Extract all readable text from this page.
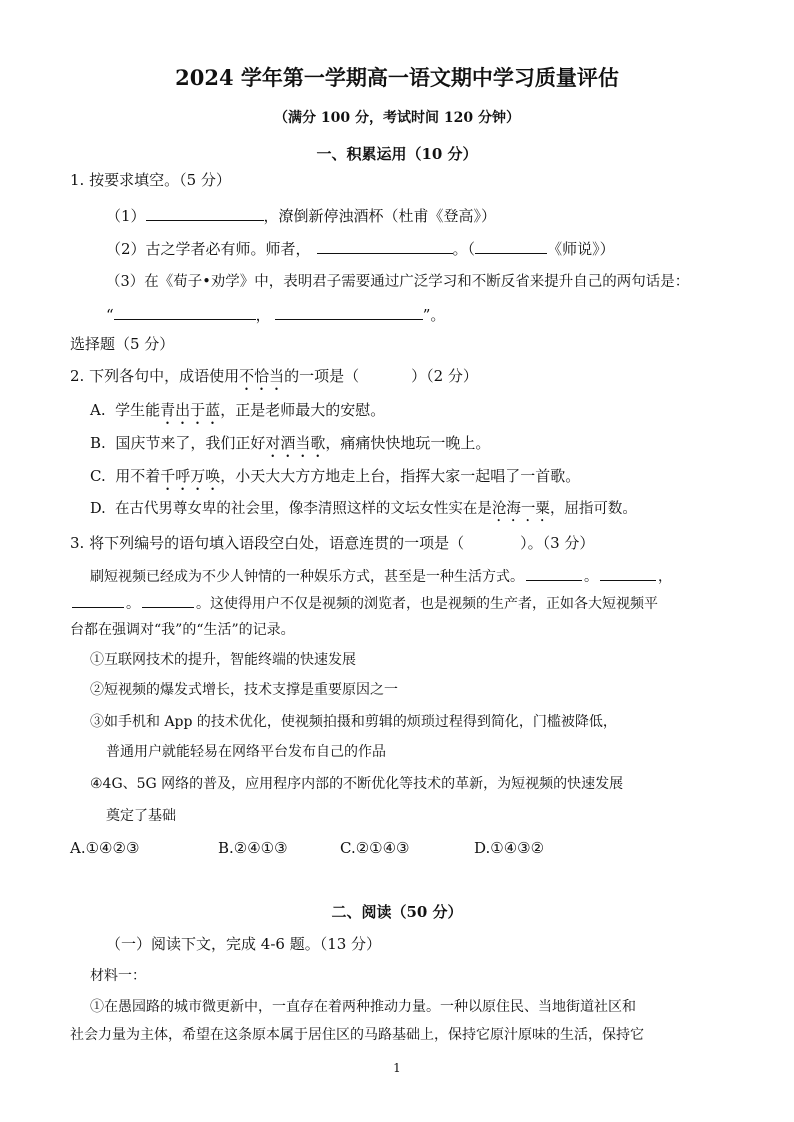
2024 学年第一学期高一语文期中学习质量评估
（满分 100 分，考试时间 120 分钟）
一、积累运用（10 分）
1. 按要求填空。（5 分）
（1）	，潦倒新停浊酒杯（杜甫《登高》）
（2）古之学者必有师。师者，	。（	《师说》）
（3）在《荀子•劝学》中，表明君子需要通过广泛学习和不断反省来提升自己的两句话是：
“	，	”。
选择题（5 分）
2. 下列各句中，成语使用不恰当的一项是（	）（2 分）
A. 学生能青出于蓝，正是老师最大的安慰。
B. 国庆节来了，我们正好对酒当歌，痛痛快快地玩一晚上。
C. 用不着千呼万唤，小天大大方方地走上台，指挥大家一起唱了一首歌。
D. 在古代男尊女卑的社会里，像李清照这样的文坛女性实在是沧海一粟，屈指可数。
3. 将下列编号的语句填入语段空白处，语意连贯的一项是（	）。（3 分）
刷短视频已经成为不少人钟情的一种娱乐方式，甚至是一种生活方式。	。	，
。	。这使得用户不仅是视频的浏览者，也是视频的生产者，正如各大短视频平
台都在强调对“我”的“生活”的记录。
①互联网技术的提升，智能终端的快速发展
②短视频的爆发式增长，技术支撑是重要原因之一
③如手机和 App 的技术优化，使视频拍摄和剪辑的烦琐过程得到简化，门槛被降低，
普通用户就能轻易在网络平台发布自己的作品
④4G、5G 网络的普及，应用程序内部的不断优化等技术的革新，为短视频的快速发展
奠定了基础
A.①④②③	B.②④①③	C.②①④③	D.①④③②
二、阅读（50 分）
（一）阅读下文，完成 4-6 题。（13 分）
材料一：
①在愚园路的城市微更新中，一直存在着两种推动力量。一种以原住民、当地街道社区和
社会力量为主体，希望在这条原本属于居住区的马路基础上，保持它原汁原味的生活，保持它
1
